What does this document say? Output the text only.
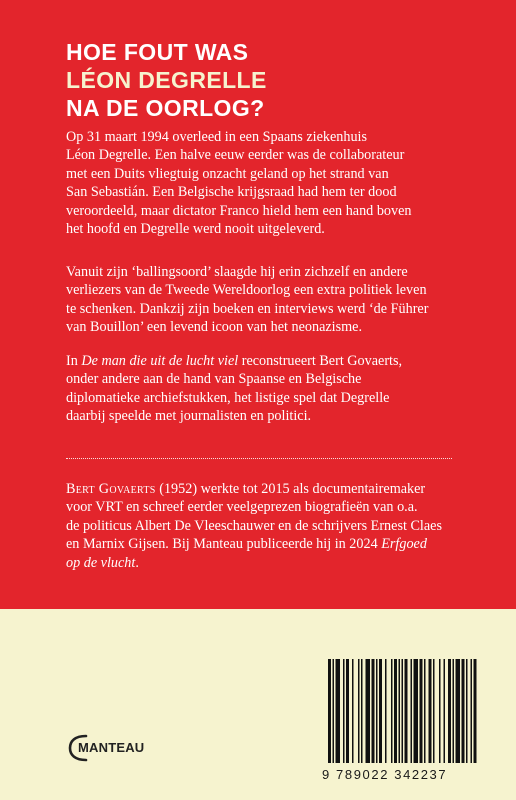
HOE FOUT WAS
LÉON DEGRELLE
NA DE OORLOG?

Op 31 maart 1994 overleed in een Spaans ziekenhuis
Léon Degrelle. Een halve eeuw eerder was de collaborateur
met een Duits vliegtuig onzacht geland op het strand van
San Sebastián. Een Belgische krijgsraad had hem ter dood
veroordeeld, maar dictator Franco hield hem een hand boven
het hoofd en Degrelle werd nooit uitgeleverd.

Vanuit zijn ‘ballingsoord’ slaagde hij erin zichzelf en andere
verliezers van de Tweede Wereldoorlog een extra politiek leven
te schenken. Dankzij zijn boeken en interviews werd ‘de Führer
van Bouillon’ een levend icoon van het neonazisme.

In De man die uit de lucht viel reconstrueert Bert Govaerts,
onder andere aan de hand van Spaanse en Belgische
diplomatieke archiefstukken, het listige spel dat Degrelle
daarbij speelde met journalisten en politici.

Bert Govaerts (1952) werkte tot 2015 als documentairemaker
voor VRT en schreef eerder veelgeprezen biografieën van o.a.
de politicus Albert De Vleeschauwer en de schrijvers Ernest Claes
en Marnix Gijsen. Bij Manteau publiceerde hij in 2024 Erfgoed
op de vlucht.

MANTEAU
9 789022 342237
